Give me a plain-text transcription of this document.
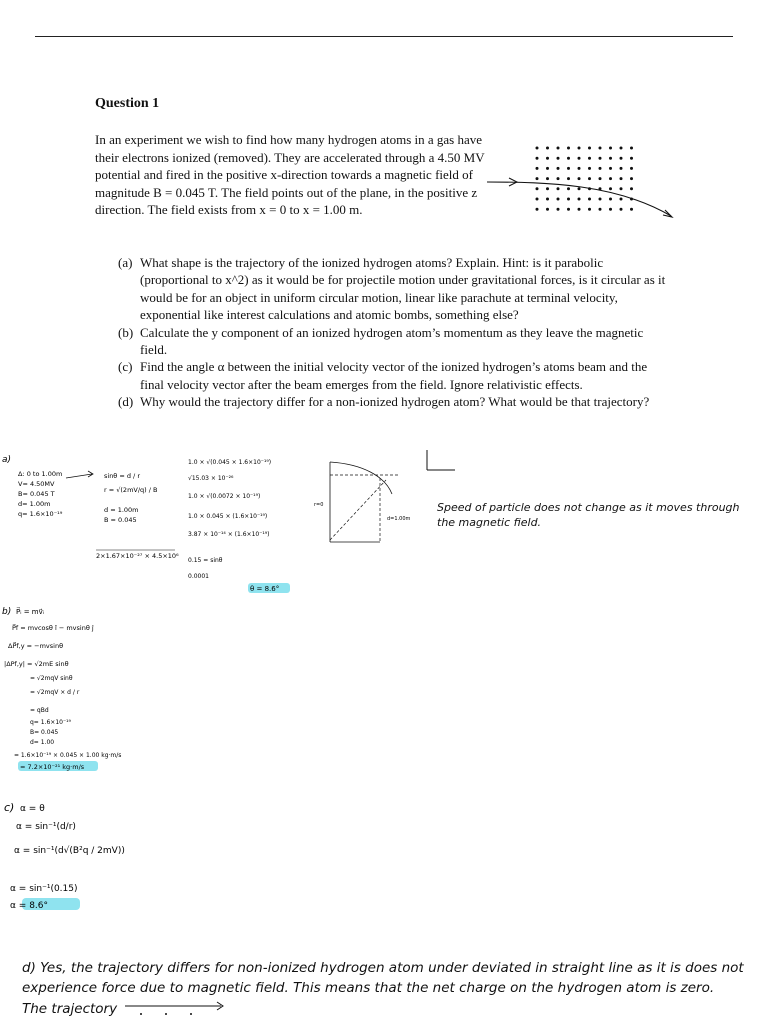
Question 1

In an experiment we wish to find how many hydrogen atoms in a gas have their electrons ionized (removed). They are accelerated through a 4.50 MV potential and fired in the positive x-direction towards a magnetic field of magnitude B = 0.045 T. The field points out of the plane, in the positive z direction. The field exists from x = 0 to x = 1.00 m.

(a) What shape is the trajectory of the ionized hydrogen atoms? Explain. Hint: is it parabolic (proportional to x^2) as it would be for projectile motion under gravitational forces, is it circular as it would be for an object in uniform circular motion, linear like parachute at terminal velocity, exponential like interest calculations and atomic bombs, something else?
(b) Calculate the y component of an ionized hydrogen atom’s momentum as they leave the magnetic field.
(c) Find the angle α between the initial velocity vector of the ionized hydrogen’s atoms beam and the final velocity vector after the beam emerges from the field. Ignore relativistic effects.
(d) Why would the trajectory differ for a non-ionized hydrogen atom? What would be that trajectory?
a)
Δ: 0 to 1.00m
V= 4.50MV
B= 0.045 T
d= 1.00m
q= 1.6×10⁻¹⁹
sinθ = d / r
r = √(2mV/q) / B
d = 1.00m
B = 0.045
2×1.67×10⁻²⁷ × 4.5×10⁶
1.0 × √(0.045 × 1.6×10⁻¹⁹)
√15.03 × 10⁻²⁶
1.0 × √(0.0072 × 10⁻¹⁹)
1.0 × 0.045 × (1.6×10⁻¹⁹)
3.87 × 10⁻¹⁴ × (1.6×10⁻¹⁹)
0.15 = sinθ
0.0001
θ = 8.6°
r=0
d=1.00m
Speed of particle does not change as it moves through the magnetic field.
b) P⃗ᵢ = mv⃗ᵢ
P⃗f = mvcosθ î − mvsinθ ĵ
ΔP⃗f,y = −mvsinθ
|ΔPf,y| = √2mE sinθ
= √2mqV sinθ
= √2mqV × d / r
= qBd
q= 1.6×10⁻¹⁹
B= 0.045
d= 1.00
= 1.6×10⁻¹⁹ × 0.045 × 1.00 kg·m/s
= 7.2×10⁻²¹ kg·m/s
c) α = θ
α = sin⁻¹(d/r)
α = sin⁻¹(d√(B²q / 2mV))
α = sin⁻¹(0.15)
α = 8.6°
d) Yes, the trajectory differs for non-ionized hydrogen atom under deviated in straight line as it is does not experience force due to magnetic field. This means that the net charge on the hydrogen atom is zero.
The trajectory
